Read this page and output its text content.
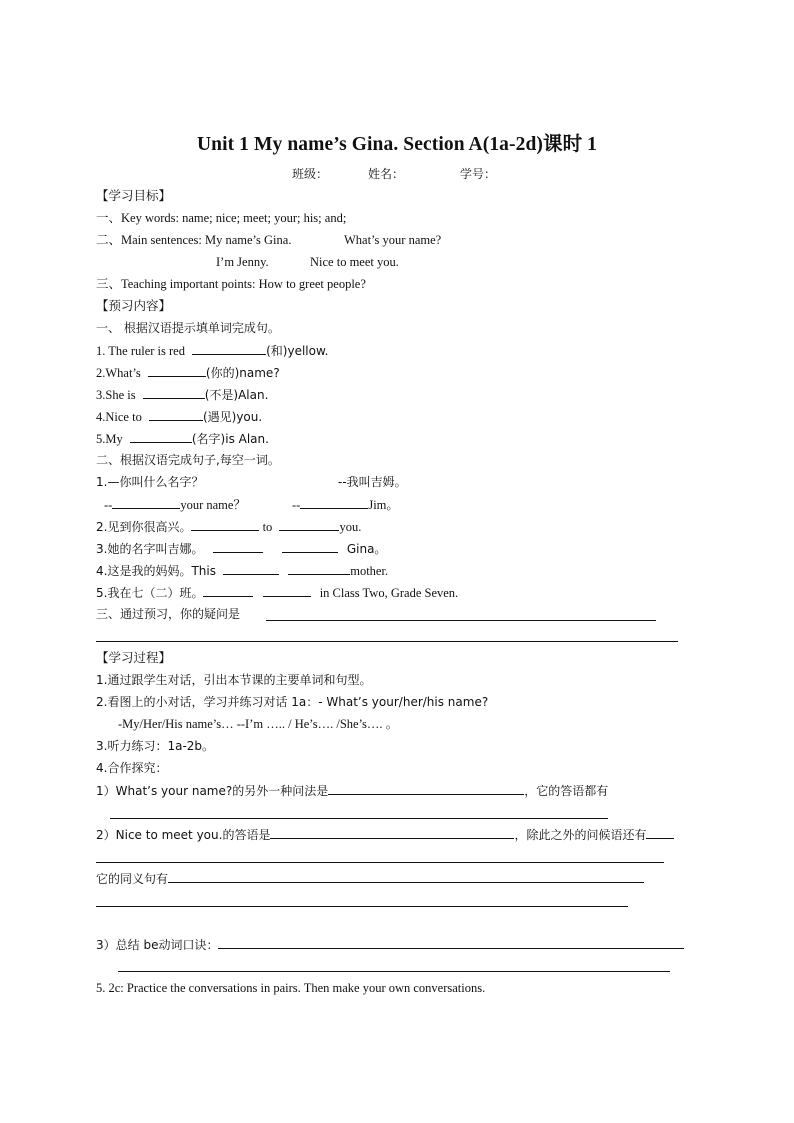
Unit 1 My name’s Gina. Section A(1a-2d)课时 1
班级：	姓名：	学号：
【学习目标】
一、Key words: name; nice; meet; your; his; and;
二、Main sentences: My name’s Gina.	What’s your name?
I’m Jenny.	Nice to meet you.
三、Teaching important points: How to greet people?
【预习内容】
一、 根据汉语提示填单词完成句。
1. The ruler is red	(和)yellow.
2.What’s	(你的)name?
3.She is	(不是)Alan.
4.Nice to	(遇见)you.
5.My	(名字)is Alan.
二、根据汉语完成句子,每空一词。
1.—你叫什么名字？	--我叫吉姆。
--	your name？	--	Jim。
2.见到你很高兴。	to	you.
3.她的名字叫吉娜。	Gina。
4.这是我的妈妈。This	mother.
5.我在七（二）班。	in Class Two, Grade Seven.
三、通过预习，你的疑问是
【学习过程】
1.通过跟学生对话，引出本节课的主要单词和句型。
2.看图上的小对话，学习并练习对话 1a：- What’s your/her/his name?
-My/Her/His name’s… --I’m ….. / He’s…. /She’s…. 。
3.听力练习：1a-2b。
4.合作探究：
1）What’s your name?的另外一种问法是	，它的答语都有
2）Nice to meet you.的答语是	，除此之外的问候语还有
它的同义句有
3）总结 be动词口诀：
5. 2c: Practice the conversations in pairs. Then make your own conversations.
